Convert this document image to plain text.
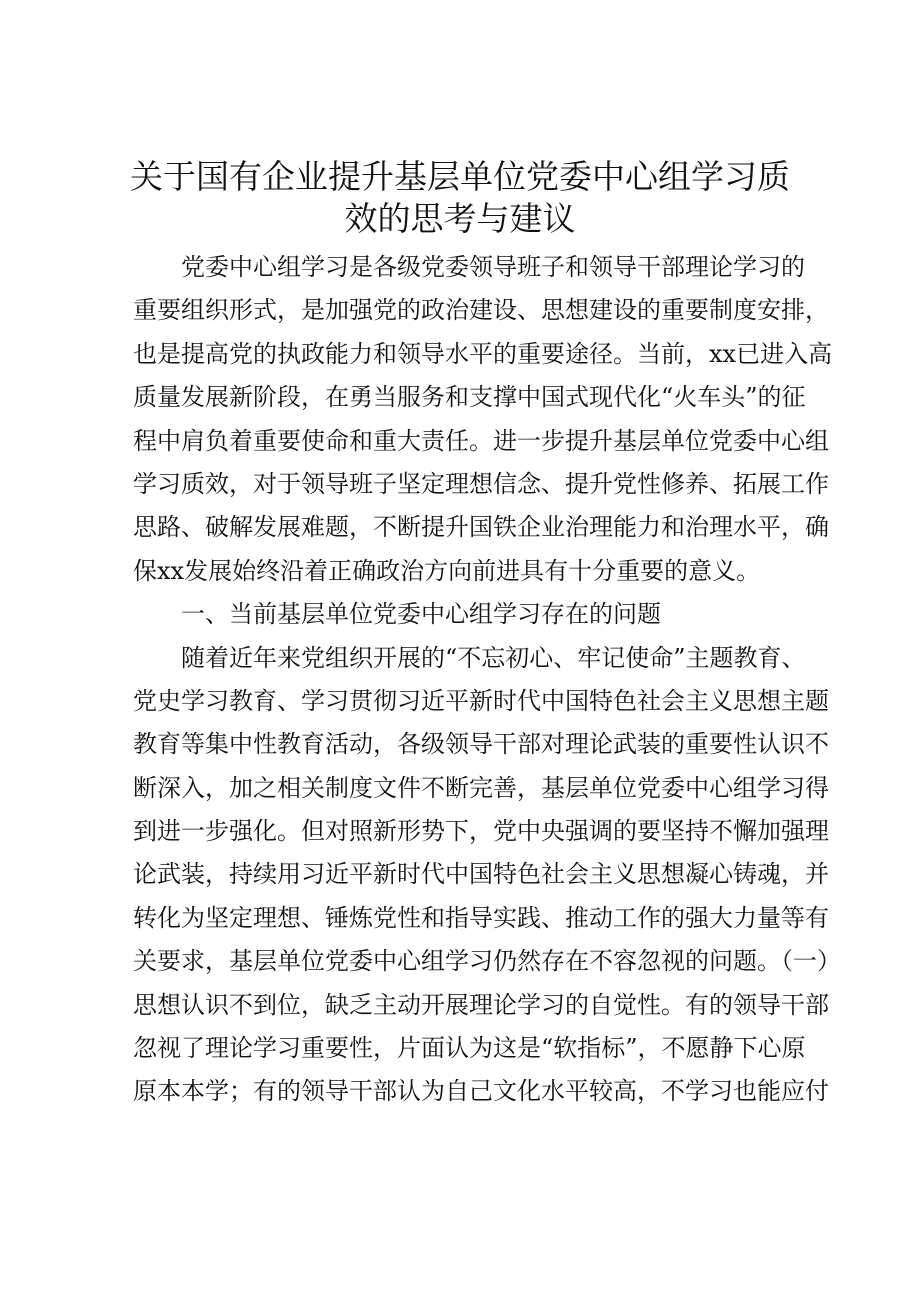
关于国有企业提升基层单位党委中心组学习质
效的思考与建议

党委中心组学习是各级党委领导班子和领导干部理论学习的
重要组织形式，是加强党的政治建设、思想建设的重要制度安排，
也是提高党的执政能力和领导水平的重要途径。当前，xx已进入高
质量发展新阶段，在勇当服务和支撑中国式现代化“火车头”的征
程中肩负着重要使命和重大责任。进一步提升基层单位党委中心组
学习质效，对于领导班子坚定理想信念、提升党性修养、拓展工作
思路、破解发展难题，不断提升国铁企业治理能力和治理水平，确
保xx发展始终沿着正确政治方向前进具有十分重要的意义。

一、当前基层单位党委中心组学习存在的问题

随着近年来党组织开展的“不忘初心、牢记使命”主题教育、
党史学习教育、学习贯彻习近平新时代中国特色社会主义思想主题
教育等集中性教育活动，各级领导干部对理论武装的重要性认识不
断深入，加之相关制度文件不断完善，基层单位党委中心组学习得
到进一步强化。但对照新形势下，党中央强调的要坚持不懈加强理
论武装，持续用习近平新时代中国特色社会主义思想凝心铸魂，并
转化为坚定理想、锤炼党性和指导实践、推动工作的强大力量等有
关要求，基层单位党委中心组学习仍然存在不容忽视的问题。（一）
思想认识不到位，缺乏主动开展理论学习的自觉性。有的领导干部
忽视了理论学习重要性，片面认为这是“软指标”，不愿静下心原
原本本学；有的领导干部认为自己文化水平较高，不学习也能应付
